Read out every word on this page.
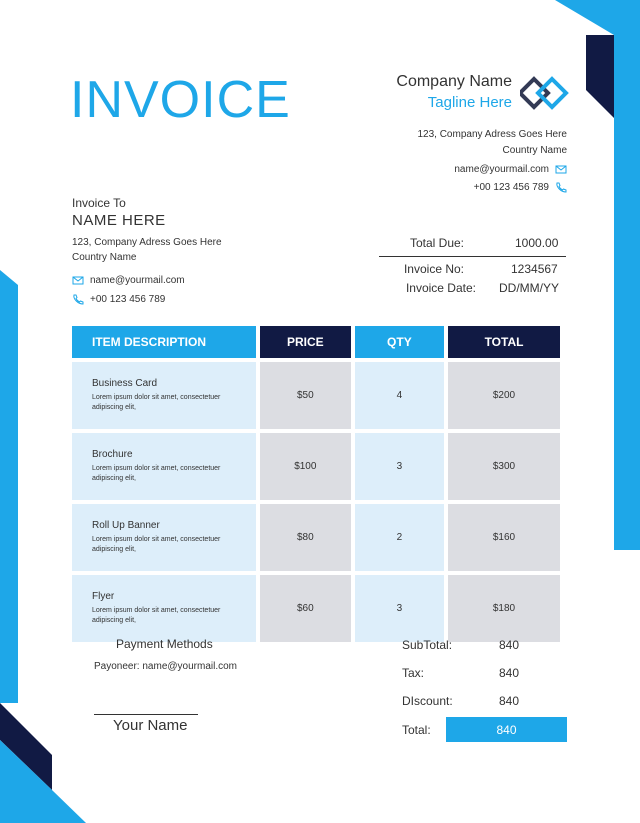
INVOICE	Company Name
Tagline Here
123, Company Adress Goes Here
Country Name
name@yourmail.com
+00 123 456 789
Invoice To
NAME HERE
123, Company Adress Goes Here
Country Name
name@yourmail.com
+00 123 456 789
Total Due:	1000.00
Invoice No:	1234567
Invoice Date: DD/MM/YY
ITEM DESCRIPTION	PRICE	QTY	TOTAL

Business Card
Lorem ipsum dolor sit amet, consectetuer adipiscing elit,	$50	4	$200

Brochure
Lorem ipsum dolor sit amet, consectetuer adipiscing elit,	$100	3	$300

Roll Up Banner
Lorem ipsum dolor sit amet, consectetuer adipiscing elit,	$80	2	$160

Flyer
Lorem ipsum dolor sit amet, consectetuer adipiscing elit,	$60	3	$180
Payment Methods
Payoneer: name@yourmail.com
Your Name
SubTotal:	840
Tax:	840
DIscount:	840
Total:	840
